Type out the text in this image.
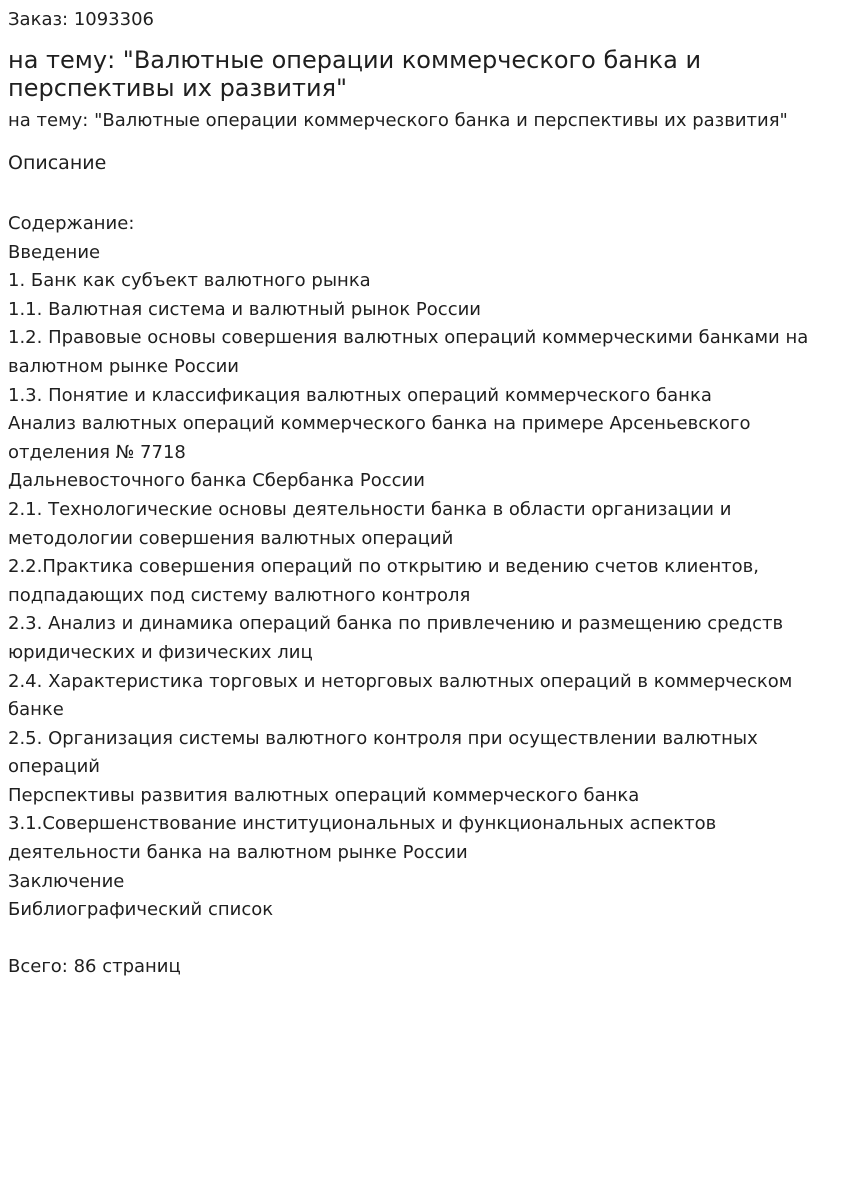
Заказ: 1093306

на тему: "Валютные операции коммерческого банка и перспективы их развития"

на тему: "Валютные операции коммерческого банка и перспективы их развития"

Описание

Содержание:
Введение
1. Банк как субъект валютного рынка
1.1. Валютная система и валютный рынок России
1.2. Правовые основы совершения валютных операций коммерческими банками на валютном рынке России
1.3. Понятие и классификация валютных операций коммерческого банка
Анализ валютных операций коммерческого банка на примере Арсеньевского отделения № 7718
Дальневосточного банка Сбербанка России
2.1. Технологические основы деятельности банка в области организации и методологии совершения валютных операций
2.2.Практика совершения операций по открытию и ведению счетов клиентов, подпадающих под систему валютного контроля
2.3. Анализ и динамика операций банка по привлечению и размещению средств юридических и физических лиц
2.4. Характеристика торговых и неторговых валютных операций в коммерческом банке
2.5. Организация системы валютного контроля при осуществлении валютных операций
Перспективы развития валютных операций коммерческого банка
3.1.Совершенствование институциональных и функциональных аспектов деятельности банка на валютном рынке России
Заключение
Библиографический список
Всего: 86 страниц
